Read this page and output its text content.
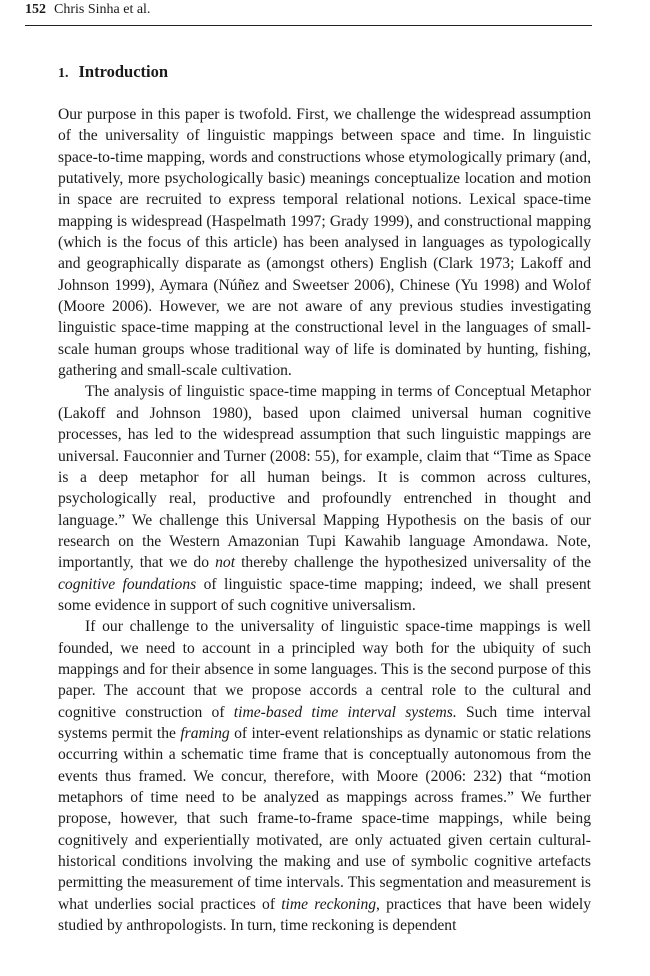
152 Chris Sinha et al.
1. Introduction

Our purpose in this paper is twofold. First, we challenge the widespread assumption of the universality of linguistic mappings between space and time. In linguistic space-to-time mapping, words and constructions whose etymologically primary (and, putatively, more psychologically basic) meanings conceptualize location and motion in space are recruited to express temporal relational notions. Lexical space-time mapping is widespread (Haspelmath 1997; Grady 1999), and constructional mapping (which is the focus of this article) has been analysed in languages as typologically and geographically disparate as (amongst others) English (Clark 1973; Lakoff and Johnson 1999), Aymara (Núñez and Sweetser 2006), Chinese (Yu 1998) and Wolof (Moore 2006). However, we are not aware of any previous studies investigating linguistic space-time mapping at the constructional level in the languages of small-scale human groups whose traditional way of life is dominated by hunting, fishing, gathering and small-scale cultivation.

The analysis of linguistic space-time mapping in terms of Conceptual Metaphor (Lakoff and Johnson 1980), based upon claimed universal human cognitive processes, has led to the widespread assumption that such linguistic mappings are universal. Fauconnier and Turner (2008: 55), for example, claim that “Time as Space is a deep metaphor for all human beings. It is common across cultures, psychologically real, productive and profoundly entrenched in thought and language.” We challenge this Universal Mapping Hypothesis on the basis of our research on the Western Amazonian Tupi Kawahib language Amondawa. Note, importantly, that we do not thereby challenge the hypothesized universality of the cognitive foundations of linguistic space-time mapping; indeed, we shall present some evidence in support of such cognitive universalism.

If our challenge to the universality of linguistic space-time mappings is well founded, we need to account in a principled way both for the ubiquity of such mappings and for their absence in some languages. This is the second purpose of this paper. The account that we propose accords a central role to the cultural and cognitive construction of time-based time interval systems. Such time interval systems permit the framing of inter-event relationships as dynamic or static relations occurring within a schematic time frame that is conceptually autonomous from the events thus framed. We concur, therefore, with Moore (2006: 232) that “motion metaphors of time need to be analyzed as mappings across frames.” We further propose, however, that such frame-to-frame space-time mappings, while being cognitively and experientially motivated, are only actuated given certain cultural-historical conditions involving the making and use of symbolic cognitive artefacts permitting the measurement of time intervals. This segmentation and measurement is what underlies social practices of time reckoning, practices that have been widely studied by anthropologists. In turn, time reckoning is dependent
